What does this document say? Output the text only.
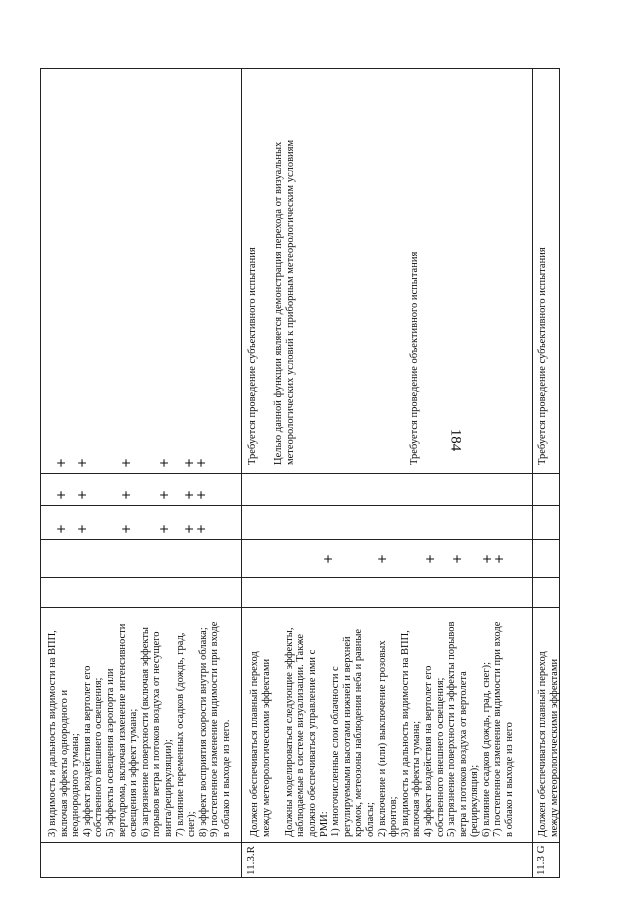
184
3) видимость и дальность видимости на ВПП,
включая эффекты однородного и
неоднородного тумана;
4) эффект воздействия на вертолет его
собственного внешнего освещения;
5) эффекты освещения аэропорта или
вертодрома, включая изменение интенсивности
освещения и эффект тумана;
6) загрязнение поверхности (включая эффекты
порывов ветра и потоков воздуха от несущего
винта/рециркуляции);
7) влияние переменных осадков (дождь, град,
снег);
8) эффект восприятия скорости внутри облака;
9) постепенное изменение видимости при входе
в облако и выходе из него.
11.3.R
Должен обеспечиваться плавный переход
между метеорологическими эффектами

Должны моделироваться следующие эффекты,
наблюдаемые в системе визуализации. Также
должно обеспечиваться управление ими с
РМИ:
1) многочисленные слои облачности с
регулируемыми высотами нижней и верхней
кромок, метеозоны наблюдения неба и равные
обласы;
2) включение и (или) выключение грозовых
фронтов;
3) видимость и дальность видимости на ВПП,
включая эффекты тумана;
4) эффект воздействия на вертолет его
собственного внешнего освещения;
5) загрязнение поверхности и эффекты порывов
ветра и потоков воздуха от вертолета
(рециркуляция);
6) влияние осадков (дождь, град, снег);
7) постепенное изменение видимости при входе
в облако и выходе из него
Требуется проведение субъективного испытания Целью данной функции является демонстрация перехода от визуальных
метеорологических условий к приборным метеорологическим условиям
Требуется проведение объективного испытания
11.3 G
Должен обеспечиваться плавный переход
между метеорологическими эффектами
Требуется проведение субъективного испытания
+
+
+
+
+
+
+
+
+
+
+
+
+
+
+
+
+
+
+	+	+ + +
+
